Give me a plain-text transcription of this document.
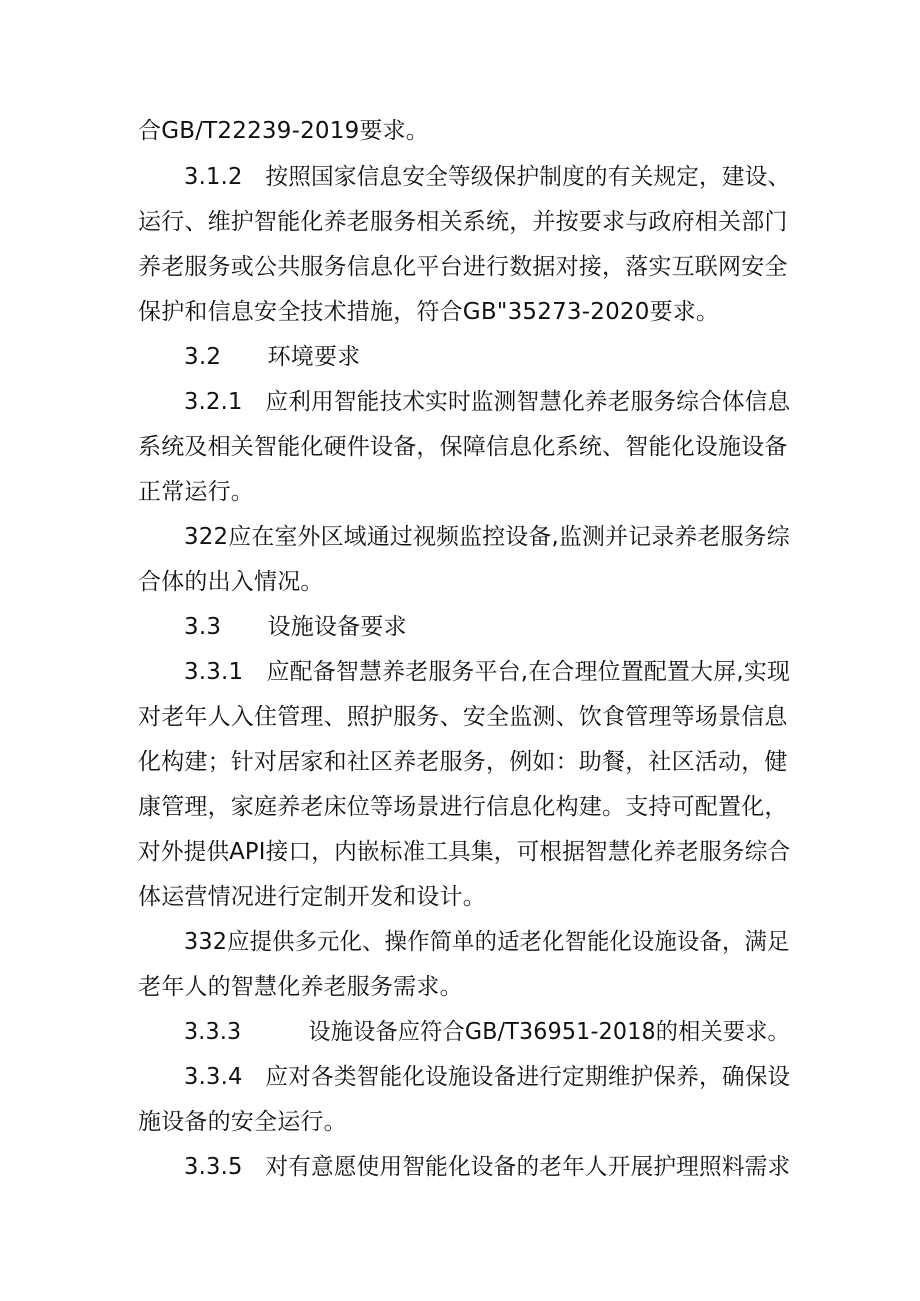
合GB/T22239-2019要求。
3.1.2　按照国家信息安全等级保护制度的有关规定，建设、
运行、维护智能化养老服务相关系统，并按要求与政府相关部门
养老服务或公共服务信息化平台进行数据对接，落实互联网安全
保护和信息安全技术措施，符合GB"35273-2020要求。
3.2　　环境要求
3.2.1　应利用智能技术实时监测智慧化养老服务综合体信息
系统及相关智能化硬件设备，保障信息化系统、智能化设施设备
正常运行。
322应在室外区域通过视频监控设备,监测并记录养老服务综
合体的出入情况。
3.3　　设施设备要求
3.3.1　应配备智慧养老服务平台,在合理位置配置大屏,实现
对老年人入住管理、照护服务、安全监测、饮食管理等场景信息
化构建；针对居家和社区养老服务，例如：助餐，社区活动，健
康管理，家庭养老床位等场景进行信息化构建。支持可配置化，
对外提供API接口，内嵌标准工具集，可根据智慧化养老服务综合
体运营情况进行定制开发和设计。
332应提供多元化、操作简单的适老化智能化设施设备，满足
老年人的智慧化养老服务需求。
3.3.3　　　设施设备应符合GB/T36951-2018的相关要求。
3.3.4　应对各类智能化设施设备进行定期维护保养，确保设
施设备的安全运行。
3.3.5　对有意愿使用智能化设备的老年人开展护理照料需求
